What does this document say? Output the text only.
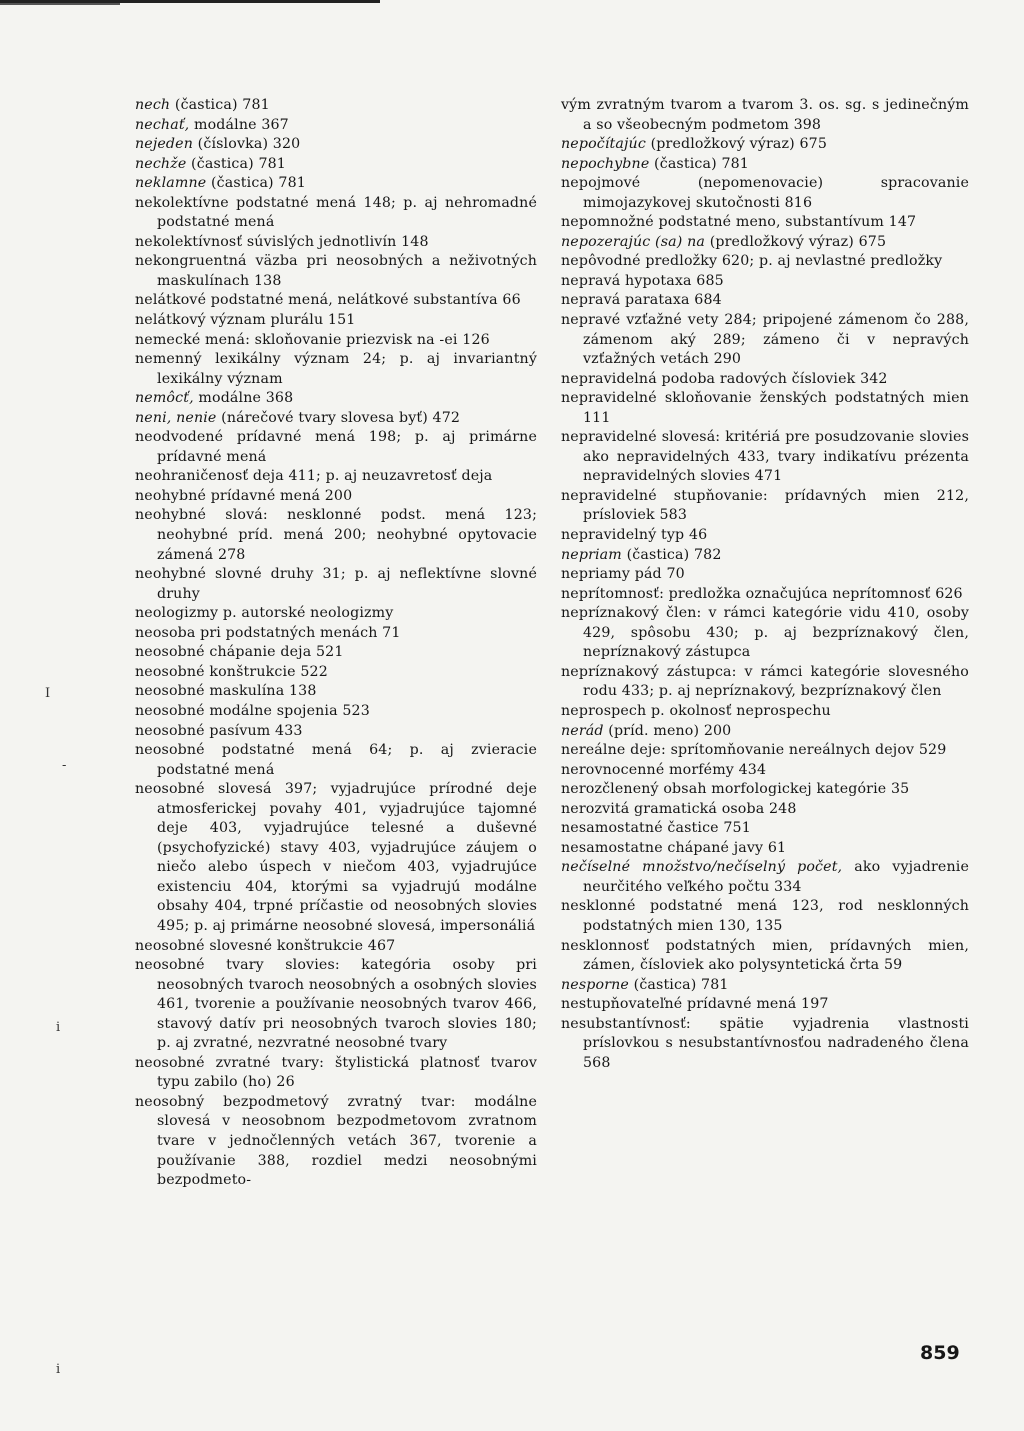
nech (častica) 781

nechať, modálne 367

nejeden (číslovka) 320

nechže (častica) 781

neklamne (častica) 781

nekolektívne podstatné mená 148; p. aj nehromadné podstatné mená

nekolektívnosť súvislých jednotlivín 148

nekongruentná väzba pri neosobných a neživotných maskulínach 138

nelátkové podstatné mená, nelátkové substantíva 66

nelátkový význam plurálu 151

nemecké mená: skloňovanie priezvisk na -ei 126

nemenný lexikálny význam 24; p. aj invariantný lexikálny význam

nemôcť, modálne 368

neni, nenie (nárečové tvary slovesa byť) 472

neodvodené prídavné mená 198; p. aj primárne prídavné mená

neohraničenosť deja 411; p. aj neuzavretosť deja

neohybné prídavné mená 200

neohybné slová: nesklonné podst. mená 123; neohybné príd. mená 200; neohybné opytovacie zámená 278

neohybné slovné druhy 31; p. aj neflektívne slovné druhy

neologizmy p. autorské neologizmy

neosoba pri podstatných menách 71

neosobné chápanie deja 521

neosobné konštrukcie 522

neosobné maskulína 138

neosobné modálne spojenia 523

neosobné pasívum 433

neosobné podstatné mená 64; p. aj zvieracie podstatné mená

neosobné slovesá 397; vyjadrujúce prírodné deje atmosferickej povahy 401, vyjadrujúce tajomné deje 403, vyjadrujúce telesné a duševné (psychofyzické) stavy 403, vyjadrujúce záujem o niečo alebo úspech v niečom 403, vyjadrujúce existenciu 404, ktorými sa vyjadrujú modálne obsahy 404, trpné príčastie od neosobných slovies 495; p. aj primárne neosobné slovesá, impersonáliá

neosobné slovesné konštrukcie 467

neosobné tvary slovies: kategória osoby pri neosobných tvaroch neosobných a osobných slovies 461, tvorenie a používanie neosobných tvarov 466, stavový datív pri neosobných tvaroch slovies 180; p. aj zvratné, nezvratné neosobné tvary

neosobné zvratné tvary: štylistická platnosť tvarov typu zabilo (ho) 26

neosobný bezpodmetový zvratný tvar: modálne slovesá v neosobnom bezpodmetovom zvratnom tvare v jednočlenných vetách 367, tvorenie a používanie 388, rozdiel medzi neosobnými bezpodmeto-

vým zvratným tvarom a tvarom 3. os. sg. s jedinečným a so všeobecným podmetom 398

nepočítajúc (predložkový výraz) 675

nepochybne (častica) 781

nepojmové (nepomenovacie) spracovanie mimojazykovej skutočnosti 816

nepomnožné podstatné meno, substantívum 147

nepozerajúc (sa) na (predložkový výraz) 675

nepôvodné predložky 620; p. aj nevlastné predložky

nepravá hypotaxa 685

nepravá parataxa 684

nepravé vzťažné vety 284; pripojené zámenom čo 288, zámenom aký 289; zámeno či v nepravých vzťažných vetách 290

nepravidelná podoba radových čísloviek 342

nepravidelné skloňovanie ženských podstatných mien 111

nepravidelné slovesá: kritériá pre posudzovanie slovies ako nepravidelných 433, tvary indikatívu prézenta nepravidelných slovies 471

nepravidelné stupňovanie: prídavných mien 212, prísloviek 583

nepravidelný typ 46

nepriam (častica) 782

nepriamy pád 70

neprítomnosť: predložka označujúca neprítomnosť 626

nepríznakový člen: v rámci kategórie vidu 410, osoby 429, spôsobu 430; p. aj bezpríznakový člen, nepríznakový zástupca

nepríznakový zástupca: v rámci kategórie slovesného rodu 433; p. aj nepríznakový, bezpríznakový člen

neprospech p. okolnosť neprospechu

nerád (príd. meno) 200

nereálne deje: sprítomňovanie nereálnych dejov 529

nerovnocenné morfémy 434

nerozčlenený obsah morfologickej kategórie 35

nerozvitá gramatická osoba 248

nesamostatné častice 751

nesamostatne chápané javy 61

nečíselné množstvo/nečíselný počet, ako vyjadrenie neurčitého veľkého počtu 334

nesklonné podstatné mená 123, rod nesklonných podstatných mien 130, 135

nesklonnosť podstatných mien, prídavných mien, zámen, čísloviek ako polysyntetická črta 59

nesporne (častica) 781

nestupňovateľné prídavné mená 197

nesubstantívnosť: spätie vyjadrenia vlastnosti príslovkou s nesubstantívnosťou nadradeného člena 568

I
-
i
i
859
